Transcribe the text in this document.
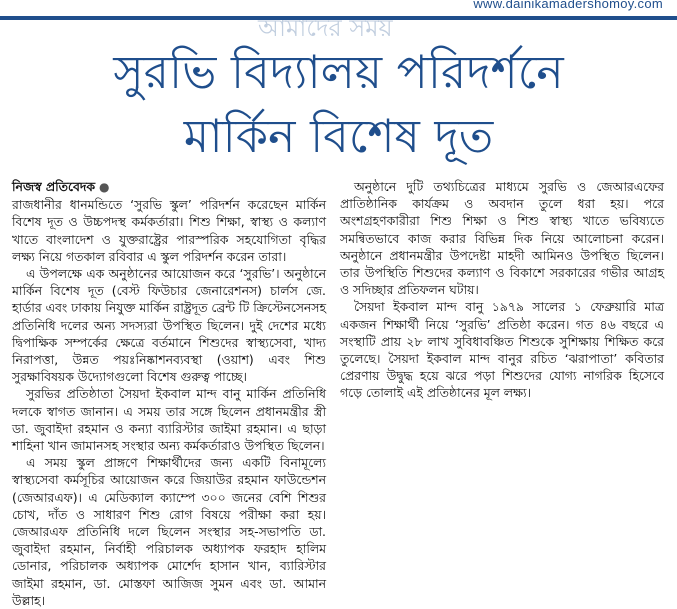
www.dainikamadershomoy.com
আমাদের সময়
সুরভি বিদ্যালয় পরিদর্শনে
মার্কিন বিশেষ দূত

নিজস্ব প্রতিবেদক ●

রাজধানীর ধানমন্ডিতে ‘সুরভি স্কুল’ পরিদর্শন করেছেন মার্কিন বিশেষ দূত ও উচ্চপদস্থ কর্মকর্তারা। শিশু শিক্ষা, স্বাস্থ্য ও কল্যাণ খাতে বাংলাদেশ ও যুক্তরাষ্ট্রের পারস্পরিক সহযোগিতা বৃদ্ধির লক্ষ্য নিয়ে গতকাল রবিবার এ স্কুল পরিদর্শন করেন তারা।

এ উপলক্ষে এক অনুষ্ঠানের আয়োজন করে ‘সুরভি’। অনুষ্ঠানে মার্কিন বিশেষ দূত (বেস্ট ফিউচার জেনারেশনস) চার্লস জে. হার্ডার এবং ঢাকায় নিযুক্ত মার্কিন রাষ্ট্রদূত ব্রেন্ট টি ক্রিস্টেনসেনসহ প্রতিনিধি দলের অন্য সদস্যরা উপস্থিত ছিলেন। দুই দেশের মধ্যে দ্বিপাক্ষিক সম্পর্কের ক্ষেত্রে বর্তমানে শিশুদের স্বাস্থ্যসেবা, খাদ্য নিরাপত্তা, উন্নত পয়ঃনিষ্কাশনব্যবস্থা (ওয়াশ) এবং শিশু সুরক্ষাবিষয়ক উদ্যোগগুলো বিশেষ গুরুত্ব পাচ্ছে।

সুরভির প্রতিষ্ঠাতা সৈয়দা ইকবাল মান্দ বানু মার্কিন প্রতিনিধি দলকে স্বাগত জানান। এ সময় তার সঙ্গে ছিলেন প্রধানমন্ত্রীর স্ত্রী ডা. জুবাইদা রহমান ও কন্যা ব্যারিস্টার জাইমা রহমান। এ ছাড়া শাহিনা খান জামানসহ সংস্থার অন্য কর্মকর্তারাও উপস্থিত ছিলেন।

এ সময় স্কুল প্রাঙ্গণে শিক্ষার্থীদের জন্য একটি বিনামূল্যে স্বাস্থ্যসেবা কর্মসূচির আয়োজন করে জিয়াউর রহমান ফাউন্ডেশন (জেআরএফ)। এ মেডিক্যাল ক্যাম্পে ৩০০ জনের বেশি শিশুর চোখ, দাঁত ও সাধারণ শিশু রোগ বিষয়ে পরীক্ষা করা হয়। জেআরএফ প্রতিনিধি দলে ছিলেন সংস্থার সহ-সভাপতি ডা. জুবাইদা রহমান, নির্বাহী পরিচালক অধ্যাপক ফরহাদ হালিম ডোনার, পরিচালক অধ্যাপক মোর্শেদ হাসান খান, ব্যারিস্টার জাইমা রহমান, ডা. মোস্তফা আজিজ সুমন এবং ডা. আমান উল্লাহ।

অনুষ্ঠানে দুটি তথ্যচিত্রের মাধ্যমে সুরভি ও জেআরএফের প্রাতিষ্ঠানিক কার্যক্রম ও অবদান তুলে ধরা হয়। পরে অংশগ্রহণকারীরা শিশু শিক্ষা ও শিশু স্বাস্থ্য খাতে ভবিষ্যতে সমন্বিতভাবে কাজ করার বিভিন্ন দিক নিয়ে আলোচনা করেন। অনুষ্ঠানে প্রধানমন্ত্রীর উপদেষ্টা মাহদী আমিনও উপস্থিত ছিলেন। তার উপস্থিতি শিশুদের কল্যাণ ও বিকাশে সরকারের গভীর আগ্রহ ও সদিচ্ছার প্রতিফলন ঘটায়।

সৈয়দা ইকবাল মান্দ বানু ১৯৭৯ সালের ১ ফেব্রুয়ারি মাত্র একজন শিক্ষার্থী নিয়ে ‘সুরভি’ প্রতিষ্ঠা করেন। গত ৪৬ বছরে এ সংস্থাটি প্রায় ২৮ লাখ সুবিধাবঞ্চিত শিশুকে সুশিক্ষায় শিক্ষিত করে তুলেছে। সৈয়দা ইকবাল মান্দ বানুর রচিত ‘ঝরাপাতা’ কবিতার প্রেরণায় উদ্বুদ্ধ হয়ে ঝরে পড়া শিশুদের যোগ্য নাগরিক হিসেবে গড়ে তোলাই এই প্রতিষ্ঠানের মূল লক্ষ্য।
